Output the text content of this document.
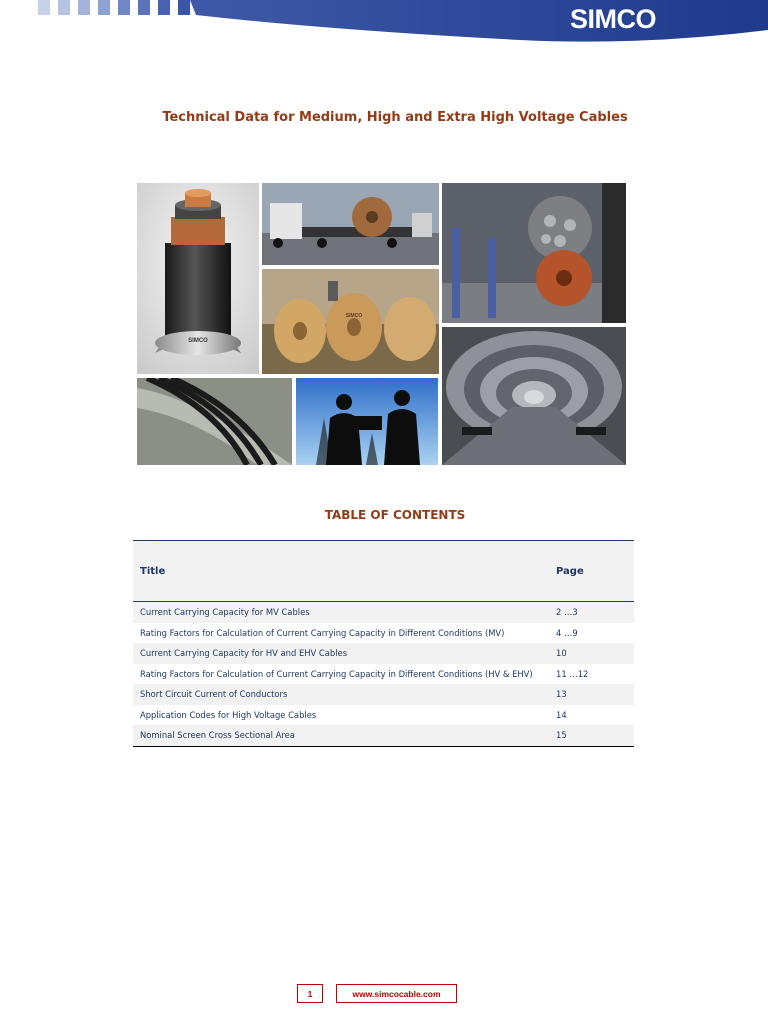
SIMCO
Technical Data for Medium, High and Extra High Voltage Cables
SIMCO
SIMCO
TABLE OF CONTENTS
Title	Page
Current Carrying Capacity for MV Cables	2 …3
Rating Factors for Calculation of Current Carrying Capacity in Different Conditions (MV)	4 …9
Current Carrying Capacity for HV and EHV Cables	10
Rating Factors for Calculation of Current Carrying Capacity in Different Conditions (HV & EHV)	11 …12
Short Circuit Current of Conductors	13
Application Codes for High Voltage Cables	14
Nominal Screen Cross Sectional Area	15
1	www.simcocable.com
